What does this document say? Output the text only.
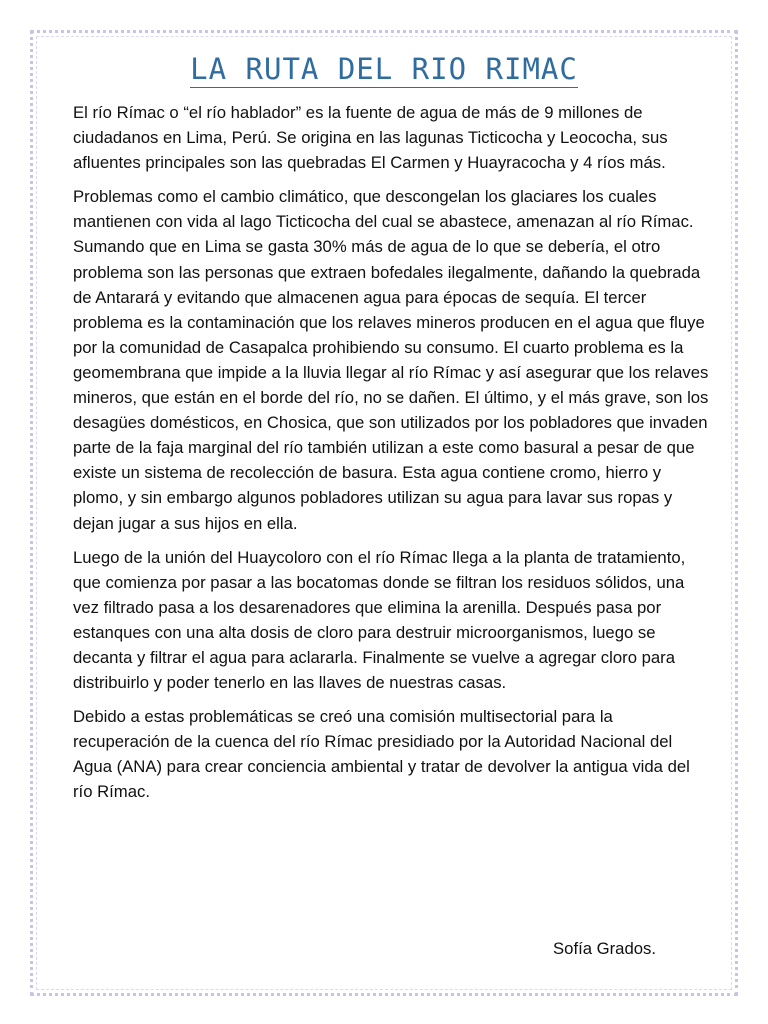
LA RUTA DEL RIO RIMAC

El río Rímac o “el río hablador” es la fuente de agua de más de 9 millones de ciudadanos en Lima, Perú. Se origina en las lagunas Ticticocha y Leococha, sus afluentes principales son las quebradas El Carmen y Huayracocha y 4 ríos más.

Problemas como el cambio climático, que descongelan los glaciares los cuales mantienen con vida al lago Ticticocha del cual se abastece, amenazan al río Rímac. Sumando que en Lima se gasta 30% más de agua de lo que se debería, el otro problema son las personas que extraen bofedales ilegalmente, dañando la quebrada de Antarará y evitando que almacenen agua para épocas de sequía. El tercer problema es la contaminación que los relaves mineros producen en el agua que fluye por la comunidad de Casapalca prohibiendo su consumo. El cuarto problema es la geomembrana que impide a la lluvia llegar al río Rímac y así asegurar que los relaves mineros, que están en el borde del río, no se dañen. El último, y el más grave, son los desagües domésticos, en Chosica, que son utilizados por los pobladores que invaden parte de la faja marginal del río también utilizan a este como basural a pesar de que existe un sistema de recolección de basura. Esta agua contiene cromo, hierro y plomo, y sin embargo algunos pobladores utilizan su agua para lavar sus ropas y dejan jugar a sus hijos en ella.

Luego de la unión del Huaycoloro con el río Rímac llega a la planta de tratamiento, que comienza por pasar a las bocatomas donde se filtran los residuos sólidos, una vez filtrado pasa a los desarenadores que elimina la arenilla. Después pasa por estanques con una alta dosis de cloro para destruir microorganismos, luego se decanta y filtrar el agua para aclararla. Finalmente se vuelve a agregar cloro para distribuirlo y poder tenerlo en las llaves de nuestras casas.

Debido a estas problemáticas se creó una comisión multisectorial para la recuperación de la cuenca del río Rímac presidiado por la Autoridad Nacional del Agua (ANA) para crear conciencia ambiental y tratar de devolver la antigua vida del río Rímac.

Sofía Grados.
